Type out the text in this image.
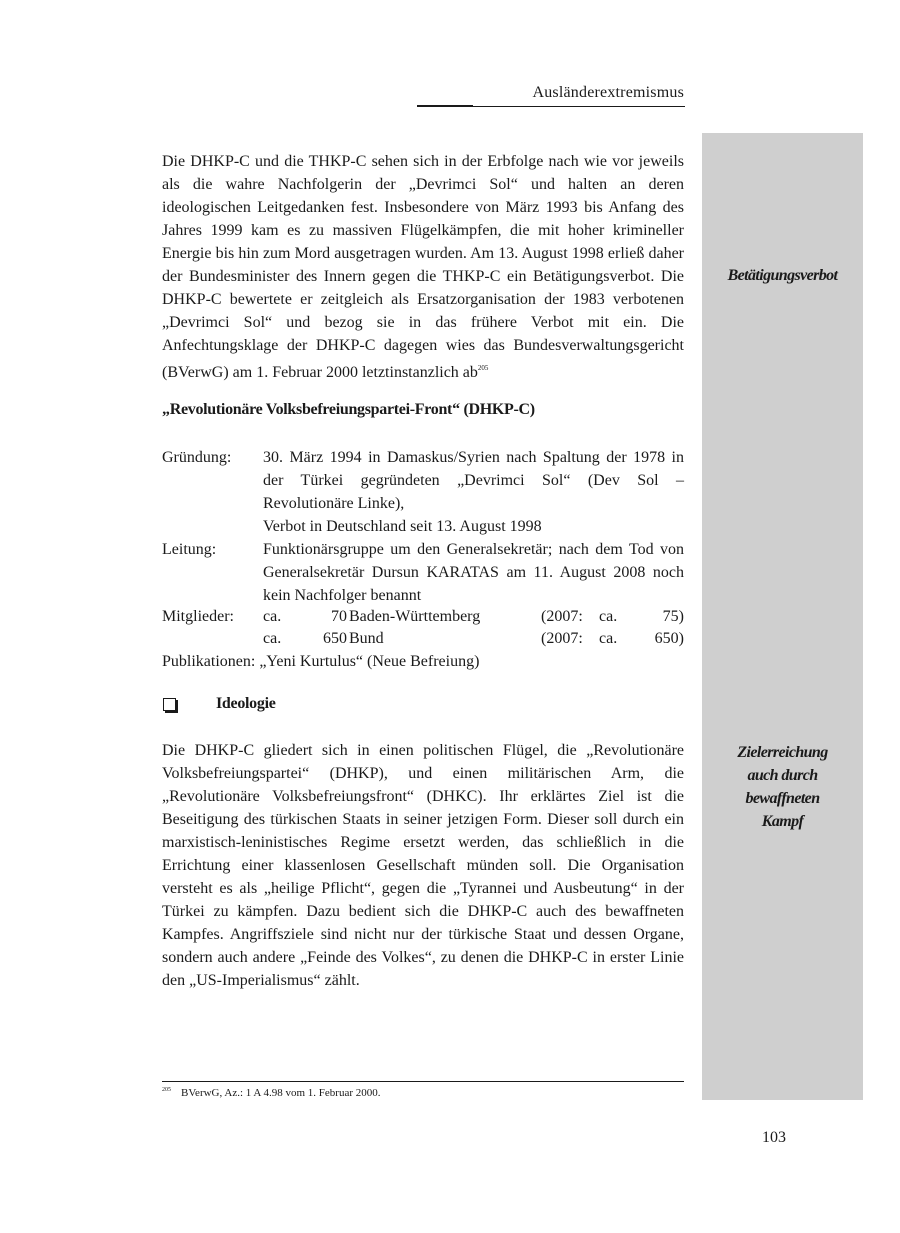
Ausländerextremismus
Betätigungsverbot
Zielerreichung
auch durch
bewaffneten
Kampf

Die DHKP-C und die THKP-C sehen sich in der Erbfolge nach wie vor jeweils als die wahre Nachfolgerin der „Devrimci Sol“ und halten an deren ideologischen Leitgedanken fest. Insbesondere von März 1993 bis Anfang des Jahres 1999 kam es zu massiven Flügelkämpfen, die mit hoher krimineller Energie bis hin zum Mord ausgetragen wurden. Am 13. August 1998 erließ daher der Bundesminister des Innern gegen die THKP-C ein Betätigungsverbot. Die DHKP-C bewertete er zeitgleich als Ersatzorganisation der 1983 verbotenen „Devrimci Sol“ und bezog sie in das frühere Verbot mit ein. Die Anfechtungsklage der DHKP-C dagegen wies das Bundesverwaltungsgericht (BVerwG) am 1. Februar 2000 letztinstanzlich ab$^{205}$

„Revolutionäre Volksbefreiungspartei-Front“ (DHKP-C)
Gründung: 30. März 1994 in Damaskus/Syrien nach Spaltung der 1978 in der Türkei gegründeten „Devrimci Sol“ (Dev Sol – Revolutionäre Linke),
Verbot in Deutschland seit 13. August 1998
Leitung:	Funktionärsgruppe um den Generalsekretär; nach dem Tod von Generalsekretär Dursun KARATAS am 11. August 2008 noch kein Nachfolger benannt
Mitglieder: ca.	70 Baden-Württemberg	(2007: ca.	75)
ca.	650 Bund	(2007: ca.	650)
Publikationen: „Yeni Kurtulus“ (Neue Befreiung)
Ideologie

Die DHKP-C gliedert sich in einen politischen Flügel, die „Revolutionäre Volksbefreiungspartei“ (DHKP), und einen militärischen Arm, die „Revolutionäre Volksbefreiungsfront“ (DHKC). Ihr erklärtes Ziel ist die Beseitigung des türkischen Staats in seiner jetzigen Form. Dieser soll durch ein marxistisch-leninistisches Regime ersetzt werden, das schließlich in die Errichtung einer klassenlosen Gesellschaft münden soll. Die Organisation versteht es als „heilige Pflicht“, gegen die „Tyrannei und Ausbeutung“ in der Türkei zu kämpfen. Dazu bedient sich die DHKP-C auch des bewaffneten Kampfes. Angriffsziele sind nicht nur der türkische Staat und dessen Organe, sondern auch andere „Feinde des Volkes“, zu denen die DHKP-C in erster Linie den „US-Imperialismus“ zählt.

$^{205}$ BVerwG, Az.: 1 A 4.98 vom 1. Februar 2000.
103
